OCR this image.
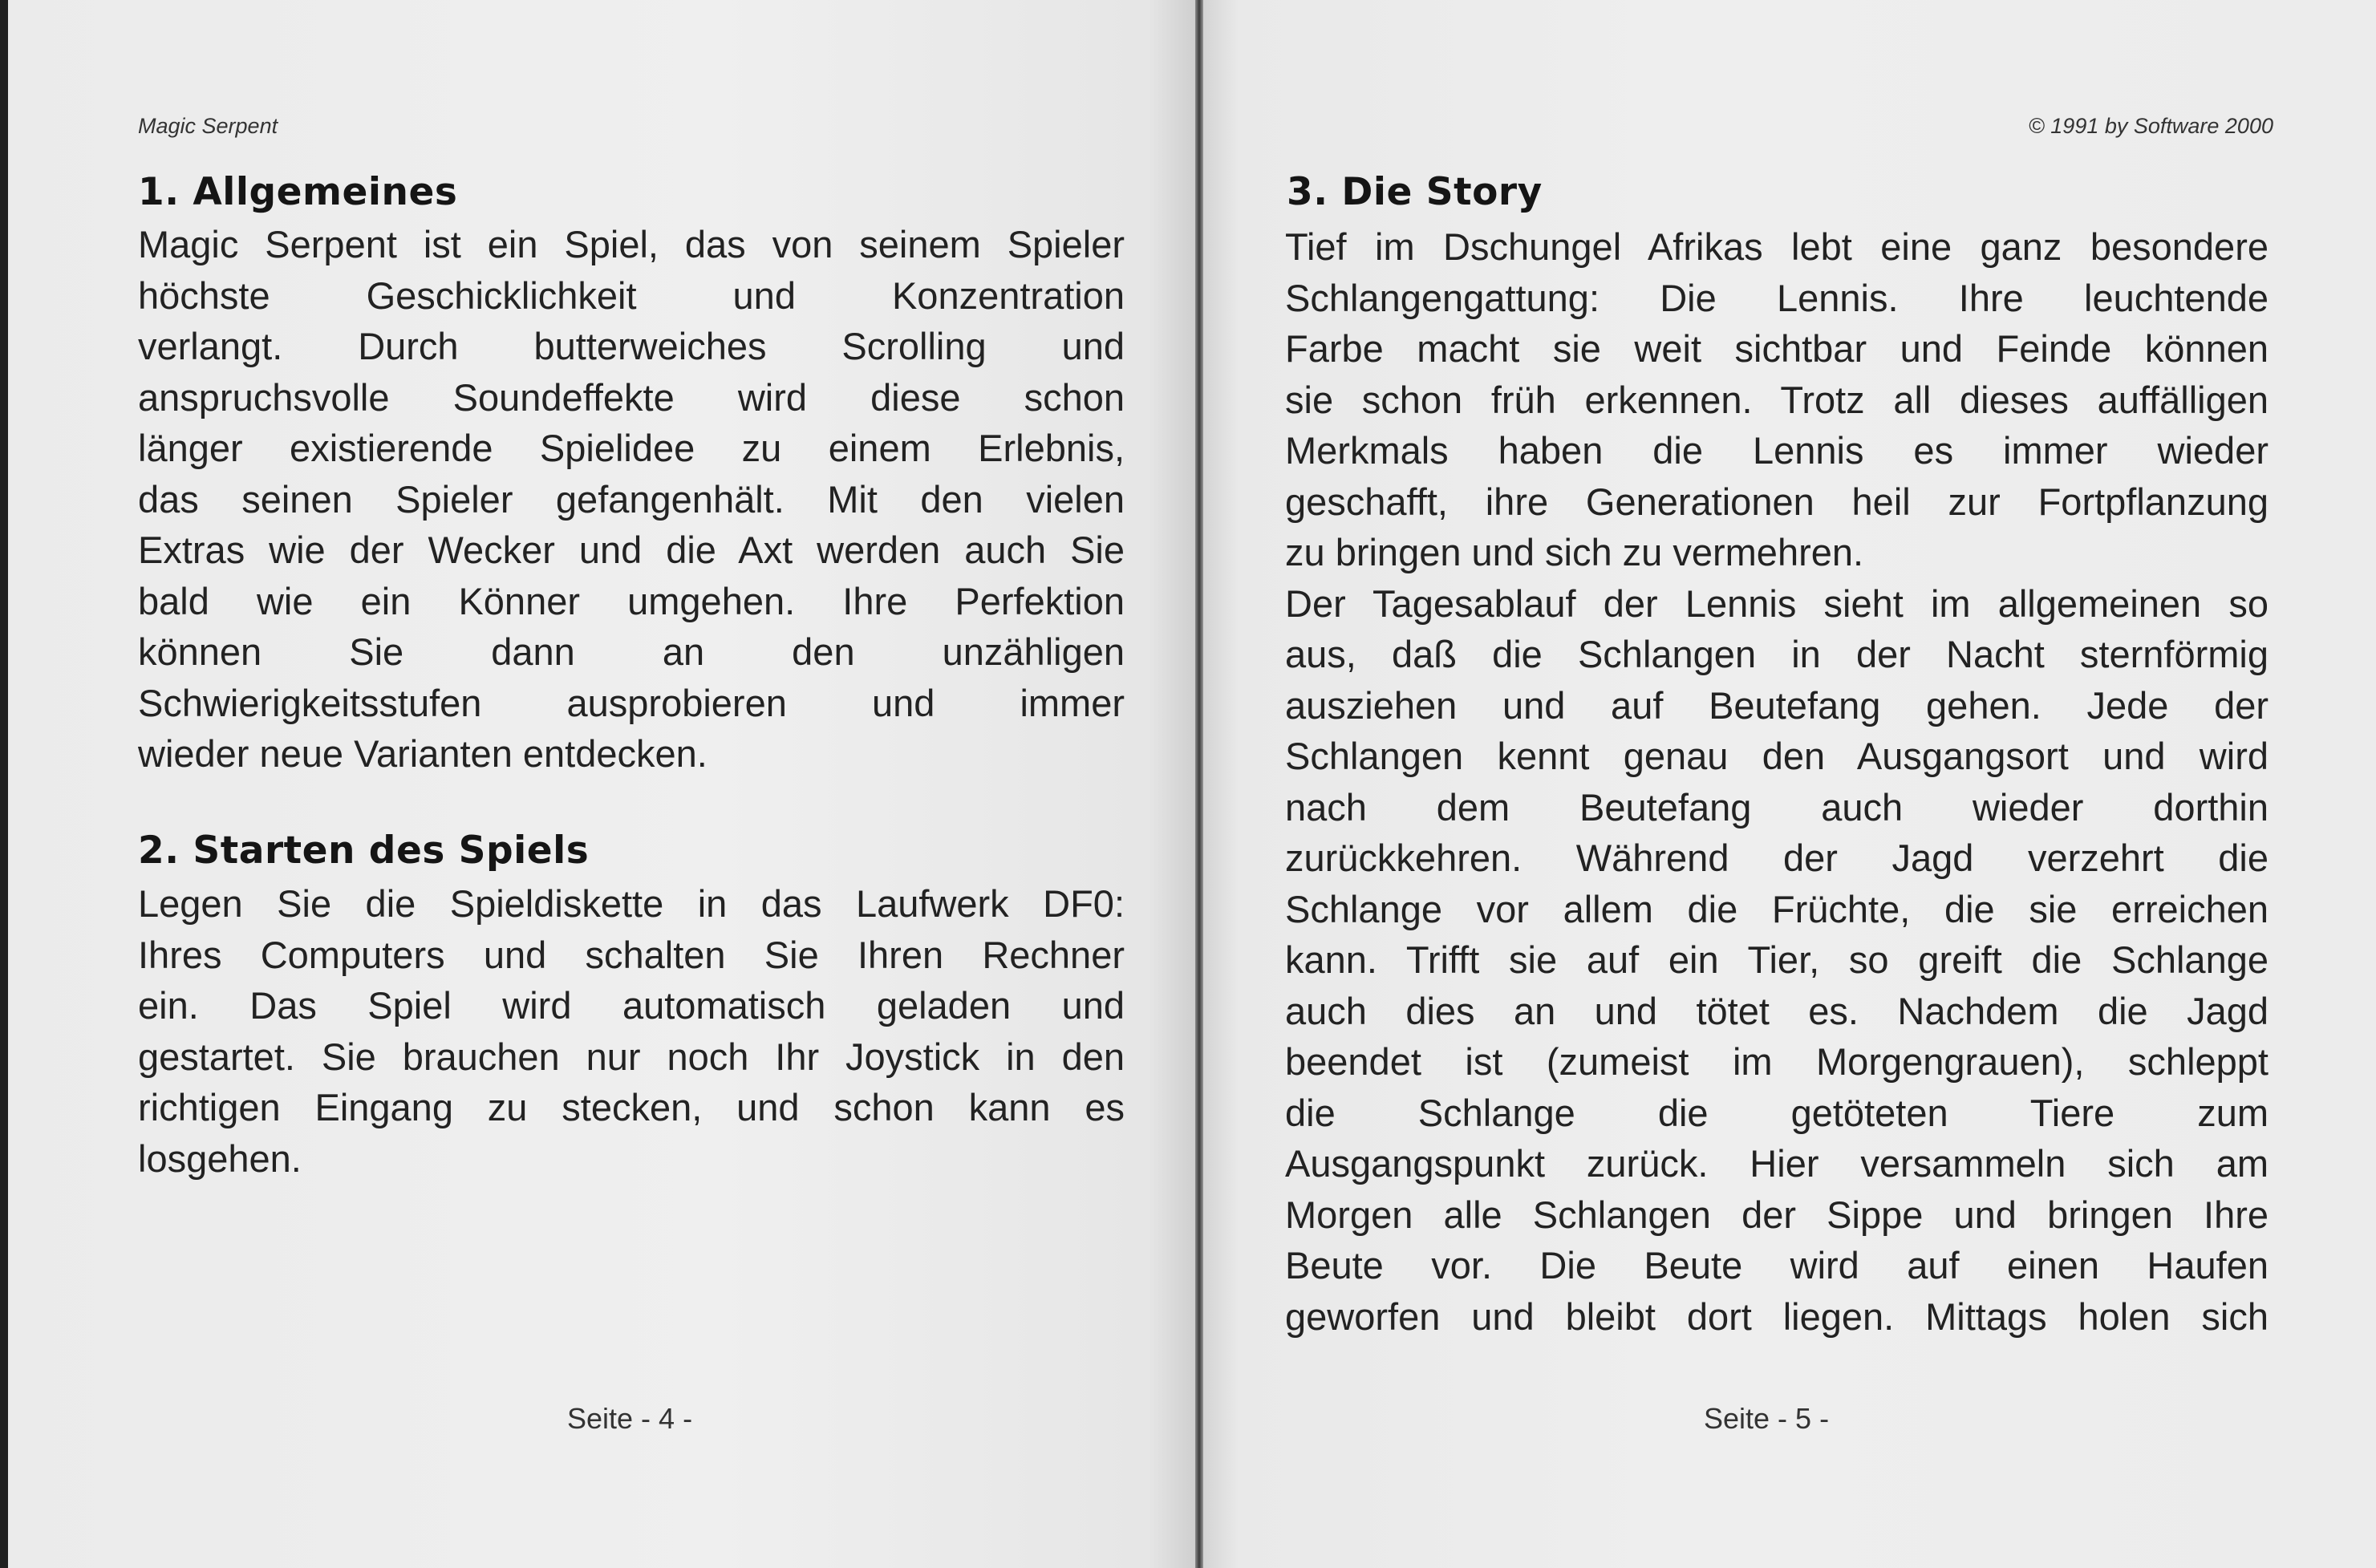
Magic Serpent
1. Allgemeines
Magic Serpent ist ein Spiel, das von seinem Spieler
höchste Geschicklichkeit und Konzentration
verlangt. Durch butterweiches Scrolling und
anspruchsvolle Soundeffekte wird diese schon
länger existierende Spielidee zu einem Erlebnis,
das seinen Spieler gefangenhält. Mit den vielen
Extras wie der Wecker und die Axt werden auch Sie
bald wie ein Könner umgehen. Ihre Perfektion
können Sie dann an den unzähligen
Schwierigkeitsstufen ausprobieren und immer
wieder neue Varianten entdecken.
2. Starten des Spiels
Legen Sie die Spieldiskette in das Laufwerk DF0:
Ihres Computers und schalten Sie Ihren Rechner
ein. Das Spiel wird automatisch geladen und
gestartet. Sie brauchen nur noch Ihr Joystick in den
richtigen Eingang zu stecken, und schon kann es
losgehen.
Seite - 4 -
© 1991 by Software 2000
3. Die Story
Tief im Dschungel Afrikas lebt eine ganz besondere
Schlangengattung: Die Lennis. Ihre leuchtende
Farbe macht sie weit sichtbar und Feinde können
sie schon früh erkennen. Trotz all dieses auffälligen
Merkmals haben die Lennis es immer wieder
geschafft, ihre Generationen heil zur Fortpflanzung
zu bringen und sich zu vermehren.
Der Tagesablauf der Lennis sieht im allgemeinen so
aus, daß die Schlangen in der Nacht sternförmig
ausziehen und auf Beutefang gehen. Jede der
Schlangen kennt genau den Ausgangsort und wird
nach dem Beutefang auch wieder dorthin
zurückkehren. Während der Jagd verzehrt die
Schlange vor allem die Früchte, die sie erreichen
kann. Trifft sie auf ein Tier, so greift die Schlange
auch dies an und tötet es. Nachdem die Jagd
beendet ist (zumeist im Morgengrauen), schleppt
die Schlange die getöteten Tiere zum
Ausgangspunkt zurück. Hier versammeln sich am
Morgen alle Schlangen der Sippe und bringen Ihre
Beute vor. Die Beute wird auf einen Haufen
geworfen und bleibt dort liegen. Mittags holen sich
Seite - 5 -
